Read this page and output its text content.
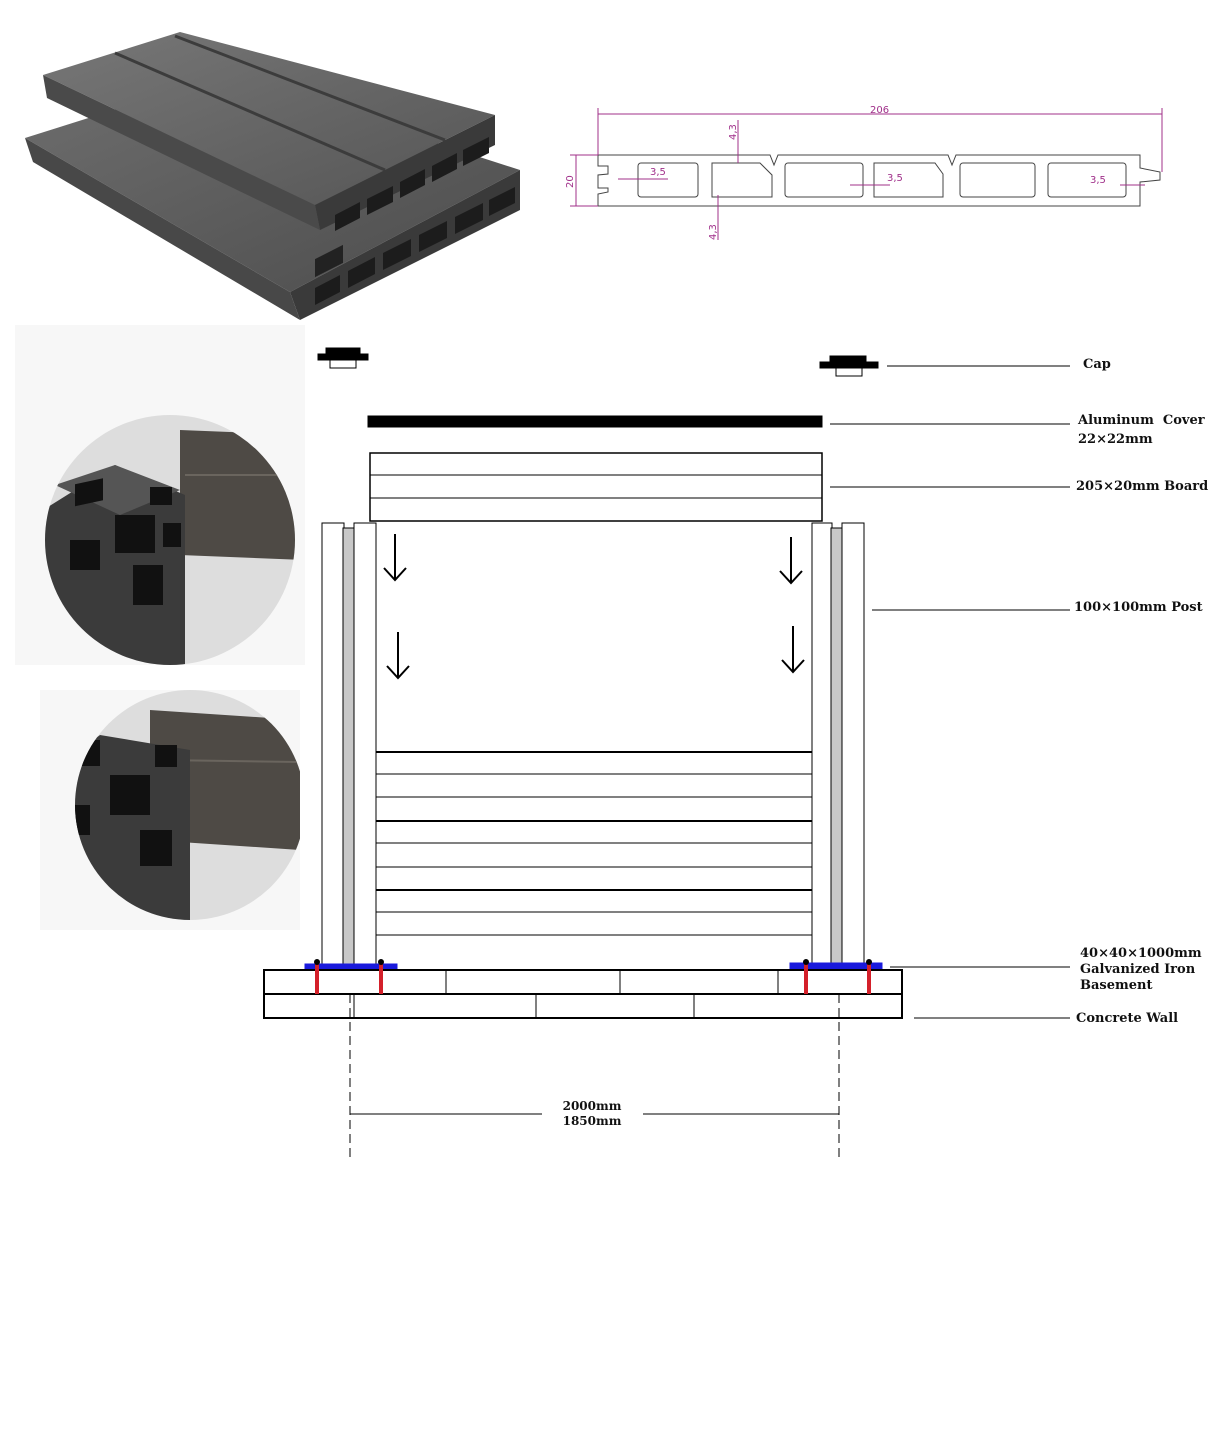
206
20
4,3
4,3
3,5
3,5	3,5
Cap
Aluminum  Cover
22×22mm
205×20mm Board
100×100mm Post
40×40×1000mm
Galvanized Iron
Basement
Concrete Wall
2000mm
1850mm
